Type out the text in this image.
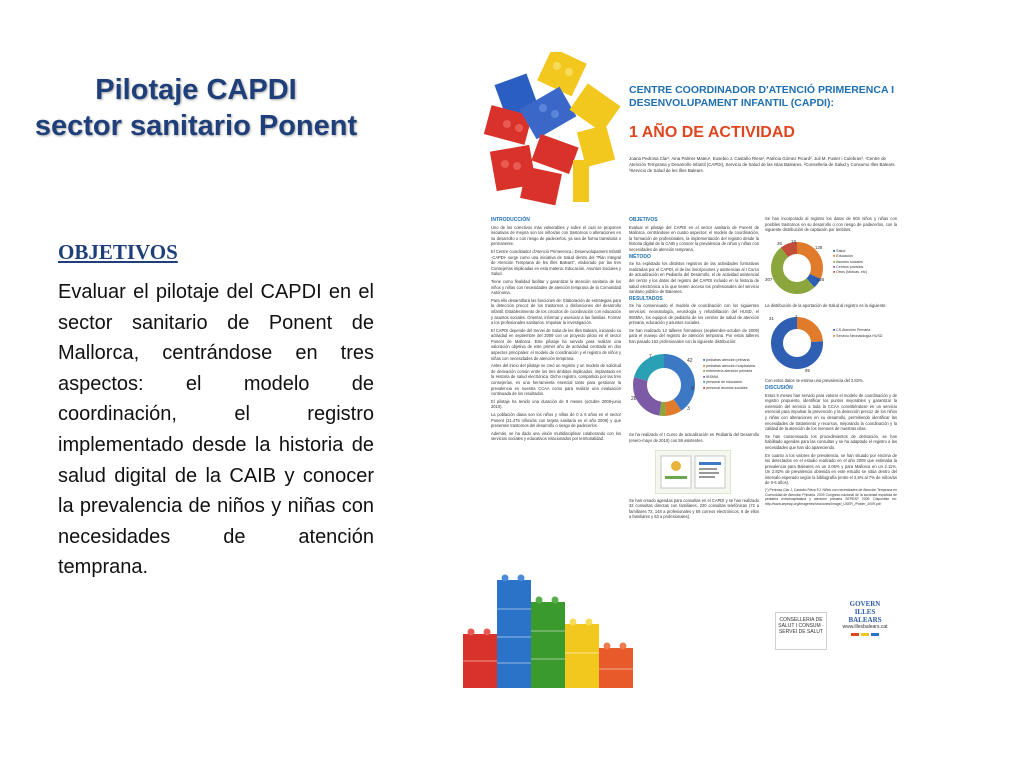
Pilotaje CAPDI
sector sanitario Ponent
OBJETIVOS
Evaluar el pilotaje del CAPDI en el sector sanitario de Ponent de Mallorca, centrándose en tres aspectos: el modelo de coordinación, el registro implementado desde la historia de salud digital de la CAIB y conocer la prevalencia de niños y niñas con necesidades de atención temprana.
CENTRE COORDINADOR D'ATENCIÓ PRIMERENCA I DESENVOLUPAMENT INFANTIL (CAPDI):
1 AÑO DE ACTIVIDAD
Joana Pedrosa Clar¹, Aina Palmer Mateu¹, Eusebio J. Castaño Riera², Patricia Gómez Picard², Juli M. Fuster i Culebras³. ¹Centre de Atención Temprana y Desarrollo Infantil (CAPDI), Servicio de Salud de las Islas Baleares. ²Conselleria de Salud y Consumo Illes Balears. ³Servicio de Salud de les Illes Balears.
INTRODUCCIÓN

Uno de los colectivos más vulnerables y sobre el cual se proponen iniciativas de mejora son los niños/as con trastornos o alteraciones en su desarrollo o con riesgo de padecerlos, ya sea de forma transitoria o permanente.

El Centre coordinador d'Atenció Primerenca i Desenvolupament Infantil -CAPDI- surge como una iniciativa de Salud dentro del "Plan Integral de Atención Temprana de les Illes Balears", elaborado por las tres Consejerías implicadas en esta materia: Educación, Asuntos Sociales y Salud.

Tiene como finalidad facilitar y garantizar la atención sanitaria de los niños y niñas con necesidades de atención temprana de la Comunidad Autónoma.

Para ello desarrollará las funciones de: Elaboración de estrategias para la detección precoz de los trastornos o disfunciones del desarrollo infantil. Establecimiento de los circuitos de coordinación con educación y asuntos sociales. Orientar, informar y asesorar a las familias. Formar a los profesionales sanitarios. Impulsar la investigación.

El CAPDI depende del Servei de Salut de les Illes Balears, iniciando su actividad en septiembre del 2009 con un proyecto piloto en el sector Ponent de Mallorca. Este pilotaje ha servido para realizar una valoración objetiva de este primer año de actividad centrada en dos aspectos principales: el modelo de coordinación y el registro de niños y niñas con necesidades de atención temprana.

Antes del inicio del pilotaje se creó un registro y un modelo de solicitud de derivación común entre los tres ámbitos implicados, implantado en la Historia de salud electrónica. Dicho registro, compartido por las tres consejerías, es una herramienta esencial tanto para gestionar la prevalencia en nuestra CCAA como para realizar una evaluación continuada de los resultados.

El pilotaje ha tenido una duración de 9 meses (octubre 2009-junio 2010).

La población diana son los niños y niñas de 0 a 6 años en el sector Ponent (21.475 niños/as con tarjeta sanitaria en el año 2009) y que presenten trastornos del desarrollo o riesgo de padecerlos.

Además, se ha dado una visión multidisciplinar colaborando con los servicios sociales y educativos relacionados por territorialidad.

OBJETIVOS

Evaluar el pilotaje del CAPDI en el sector sanitario de Ponent de Mallorca, centrándose en cuatro aspectos: el modelo de coordinación, la formación de profesionales, la implementación del registro desde la historia digital de la CAIB y conocer la prevalencia de niños y niñas con necesidades de atención temprana.

MÉTODO

Se ha explotado los distintos registros de las actividades formativas realizadas por el CAPDI, el de las inscripciones y asistencias al I Curso de actualización en Pediatría del Desarrollo, el de actividad asistencial del centro y los datos del registro del CAPDI incluido en la historia de salud electrónica a la que tienen acceso los profesionales del servicio sanitario público de Baleares.

RESULTADOS

Se ha consensuado el modelo de coordinación con los siguientes servicios: neonatología, neurología y rehabilitación del HUSD, el IBSMIA, los equipos de pediatría de los centros de salud de atención primaria, educación y asuntos sociales.

Se han realizado 12 talleres formativos (septiembre-octubre de 2009) para el manejo del registro de atención temprana. Por estos talleres han pasado 162 profesionales con la siguiente distribución:

42
9
3
28
7	■ pediatras atención primaria
■ pediatras atención hospitalaria
■ enfermería atención primaria
■ IBSMIA
■ personal de educación
■ personal asuntos sociales

Se ha realizado el I Curso de actualización en Pediatría del Desarrollo (enero-mayo de 2010) con 59 asistentes.

Se han creado agendas para consultas en el CAPDI y se han realizado 32 consultas directas con familiares, 220 consultas telefónicas (72 a familiares 72, 148 a profesionales y 69 correos electrónicos, 6 de ellos a familiares y 63 a profesionales).

Se han incorporado al registro los datos de 603 niños y niñas con posibles trastornos en su desarrollo o con riesgo de padecerlos, con la siguiente distribución de captación por ámbitos:

36 18
128
307	126
■ Salud
■ Educación
■ Asuntos sociales
■ Centros privados
■ Otros (Mutuas, etc)

La distribución de la aportación de Salud al registro es la siguiente:

31	2
95
■ CS Atención Primaria
■ Servicio Neonatología HUSD

Con estos datos se estima una prevalencia del 2.82%.

DISCUSIÓN

Estos 9 meses han servido para valorar el modelo de coordinación y de registro propuesto, identificar los puntos mejorables y garantizar la extensión del servicio a toda la CCAA convirtiéndose en un servicio esencial para impulsar la prevención y la detección precoz de los niños y niñas con alteraciones en su desarrollo, permitiendo identificar las necesidades de tratamiento y recursos, mejorando la coordinación y la calidad de la atención de los menores de nuestras islas.

Se han consensuado los procedimientos de derivación, se han habilitado agendas para las consultas y se ha adaptado el registro a las necesidades que han ido apareciendo.

En cuanto a los valores de prevalencia, se han situado por encima de los detectados en el estudio realizado en el año 2009 que estimaba la prevalencia para Baleares en un 2.06% y para Mallorca en un 2.11%. Un 2.82% de prevalencia obtenida en este estudio se sitúa dentro del intervalo esperado según la bibliografía (entre el 2,5% al 7% de niños/as de 0-6 años).

(*) Pedrosa Clar J, Castaño Riera EJ. Niños con necesidades de Atención Temprana en Comunidad de Atención Primaria. 2009 Congreso nacional de la sociedad española de pediatría extrahospitalaria y atención primaria SEPEAP 2009. Disponible en: http://www.sepeap.org/imagenes/secciones/Image/_USER_/Poster_2009.pdf

CONSELLERIA DE SALUT I CONSUM · SERVEI DE SALUT
GOVERN
ILLES BALEARS
www.illesbalears.cat
